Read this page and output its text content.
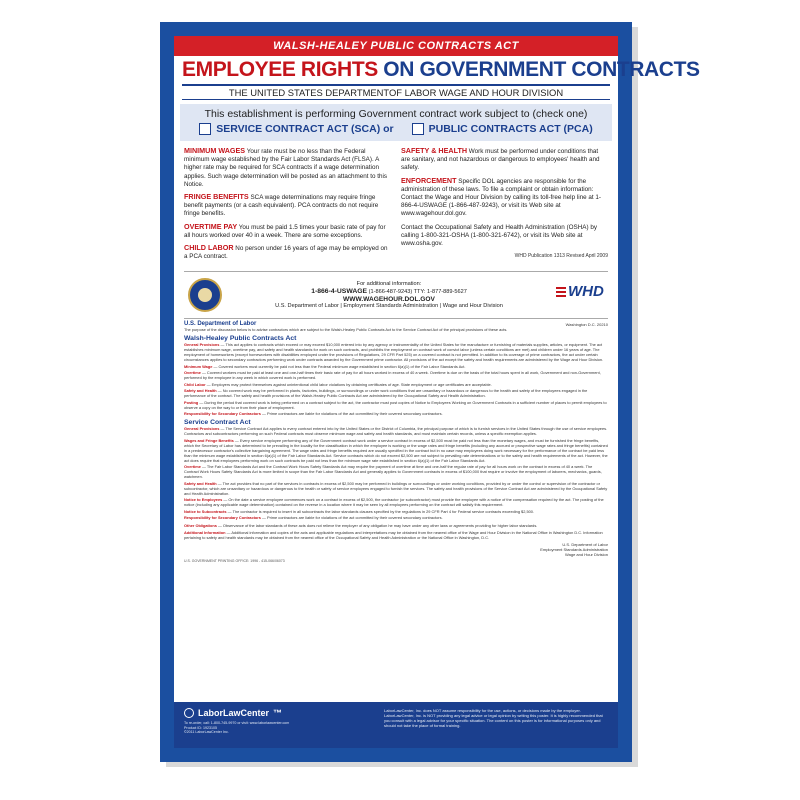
WALSH-HEALEY PUBLIC CONTRACTS ACT
EMPLOYEE RIGHTS ON GOVERNMENT CONTRACTS
THE UNITED STATES DEPARTMENTOF LABOR WAGE AND HOUR DIVISION
This establishment is performing Government contract work subject to (check one)
SERVICE CONTRACT ACT (SCA) or	PUBLIC CONTRACTS ACT (PCA)

MINIMUM WAGES Your rate must be no less than the Federal minimum wage established by the Fair Labor Standards Act (FLSA). A higher rate may be required for SCA contracts if a wage determination applies. Such wage determination will be posted as an attachment to this Notice.

FRINGE BENEFITS SCA wage determinations may require fringe benefit payments (or a cash equivalent). PCA contracts do not require fringe benefits.

OVERTIME PAY You must be paid 1.5 times your basic rate of pay for all hours worked over 40 in a week. There are some exceptions.

CHILD LABOR No person under 16 years of age may be employed on a PCA contract.

SAFETY & HEALTH Work must be performed under conditions that are sanitary, and not hazardous or dangerous to employees' health and safety.

ENFORCEMENT Specific DOL agencies are responsible for the administration of these laws. To file a complaint or obtain information: Contact the Wage and Hour Division by calling its toll-free help line at 1-866-4-USWAGE (1-866-487-9243), or visit its Web site at www.wagehour.dol.gov.

Contact the Occupational Safety and Health Administration (OSHA) by calling 1-800-321-OSHA (1-800-321-6742), or visit its Web site at www.osha.gov.

WHD Publication 1313 Revised April 2009
For additional information:
1-866-4-USWAGE (1-866-487-9243) TTY: 1-877-889-5627
WWW.WAGEHOUR.DOL.GOV
U.S. Department of Labor | Employment Standards Administration | Wage and Hour Division
WHD
U.S. Department of Labor	Washington D.C. 20210

The purpose of the discussion below is to advise contractors which are subject to the Walsh-Healey Public Contracts Act to the Service Contract Act of the principal provisions of these acts.

Walsh-Healey Public Contracts Act

General Provisions — This act applies to contracts which exceed or may exceed $10,000 entered into by any agency or instrumentality of the United States for the manufacture or furnishing of materials supplies, articles, or equipment. The act establishes minimum wage, overtime pay, and safety and health standards for work on such contracts, and prohibits the employment on contract work of convict labor (unless certain conditions are met) and children under 16 years of age. The employment of homeworkers (except homeworkers with disabilities employed under the provisions of Regulations, 29 CFR Part 525) on a covered contract is not permitted. In addition to its coverage of prime contractors, the act under certain circumstances applies to secondary contractors performing work under contracts awarded by the Government prime contractor. All provisions of the act except the safety and health requirements are administered by the Wage and Hour Division.

Minimum Wage — Covered workers must currently be paid not less than the Federal minimum wage established in section 6(a)(1) of the Fair Labor Standards Act.

Overtime — Covered workers must be paid at least one and one-half times their basic rate of pay for all hours worked in excess of 40 a week. Overtime is due on the basis of the total hours spent in all work, Government and non-Government, performed by the employee in any week in which covered work is performed.

Child Labor — Employers may protect themselves against unintentional child labor violations by obtaining certificates of age. State employment or age certificates are acceptable.

Safety and Health — No covered work may be performed in plants, factories, buildings, or surroundings or under work conditions that are unsanitary or hazardous or dangerous to the health and safety of the employees engaged in the performance of the contract. The safety and health provisions of the Walsh-Healey Public Contracts Act are administered by the Occupational Safety and Health Administration.

Posting — During the period that covered work is being performed on a contract subject to the act, the contractor must post copies of Notice to Employees Working on Government Contracts in a sufficient number of places to permit employees to observe a copy on the way to or from their place of employment.

Responsibility for Secondary Contractors — Prime contractors are liable for violations of the act committed by their covered secondary contractors.

Service Contract Act

General Provisions — The Service Contract Act applies to every contract entered into by the United States or the District of Columbia, the principal purpose of which is to furnish services in the United States through the use of service employees. Contractors and subcontractors performing on such Federal contracts must observe minimum wage and safety and health standards, and must maintain certain records, unless a specific exemption applies.

Wages and Fringe Benefits — Every service employee performing any of the Government contract work under a service contract in excess of $2,500 must be paid not less than the monetary wages, and must be furnished the fringe benefits, which the Secretary of Labor has determined to be prevailing in the locality for the classification in which the employee is working or the wage rates and fringe benefits (including any accrued or prospective wage rates and fringe benefits) contained in a predecessor contractor's collective bargaining agreement. The wage rates and fringe benefits required are usually specified in the contract but in no case may employees doing work necessary for the performance of the contract be paid less than the minimum wage established in section 6(a)(1) of the Fair Labor Standards Act. Service contracts which do not exceed $2,500 are not subject to prevailing rate determinations or to the safety and health requirements of the act. However, the act does require that employees performing work on such contracts be paid not less than the minimum wage rate established in section 6(a)(1) of the Fair Labor Standards Act.

Overtime — The Fair Labor Standards Act and the Contract Work Hours Safety Standards Act may require the payment of overtime at time and one-half the regular rate of pay for all hours work on the contract in excess of 40 a week. The Contract Work Hours Safety Standards Act is more limited in scope than the Fair Labor Standards Act and generally applies to Government contracts in excess of $100,000 that require or involve the employment of laborers, mechanics, guards, watchmen.

Safety and Health — The act provides that no part of the services in contracts in excess of $2,500 may be performed in buildings or surroundings or under working conditions, provided by or under the control or supervision of the contractor or subcontractor, which are unsanitary or hazardous or dangerous to the health or safety of service employees engaged to furnish the services. The safety and health provisions of the Service Contract Act are administered by the Occupational Safety and Health Administration.

Notice to Employees — On the date a service employee commences work on a contract in excess of $2,500, the contractor (or subcontractor) must provide the employee with a notice of the compensation required by the act. The posting of the notice (including any applicable wage determination) contained on the reverse in a location where it may be seen by all employees performing on the contract will satisfy this requirement.

Notice to Subcontracts — The contractor is required to insert in all subcontracts the labor standards clauses specified by the regulations in 29 CFR Part 4 for Federal service contracts exceeding $2,500.

Responsibility for Secondary Contractors — Prime contractors are liable for violations of the act committed by their covered secondary contractors.

Other Obligations — Observance of the labor standards of these acts does not relieve the employer of any obligation he may have under any other laws or agreements providing for higher labor standards.

Additional Information — Additional information and copies of the acts and applicable regulations and interpretations may be obtained from the nearest office of the Wage and Hour Division in the National Office in Washington D.C. Information pertaining to safety and health standards may be obtained from the nearest office of the Occupational Safety and Health Administration or the National Office in Washington, D.C.

U.S. Department of Labor
Employment Standards Administration
Wage and Hour Division
U.S. GOVERNMENT PRINTING OFFICE: 1996 - 415-066/06073
LaborLawCenter ™
To re-order, call: 1-800-745-9970 or visit: www.laborlawcenter.com
Product ID: 1923105
©2011 LaborLawCenter Inc.
LaborLawCenter, Inc. does NOT assume responsibility for the use, actions, or decisions made by the employer. LaborLawCenter, Inc. is NOT providing any legal advice or legal opinion by writing this poster. It is highly recommended that you consult with a legal advisor for your specific situation. The content on this poster is for informational purposes only and should not take the place of formal training.
